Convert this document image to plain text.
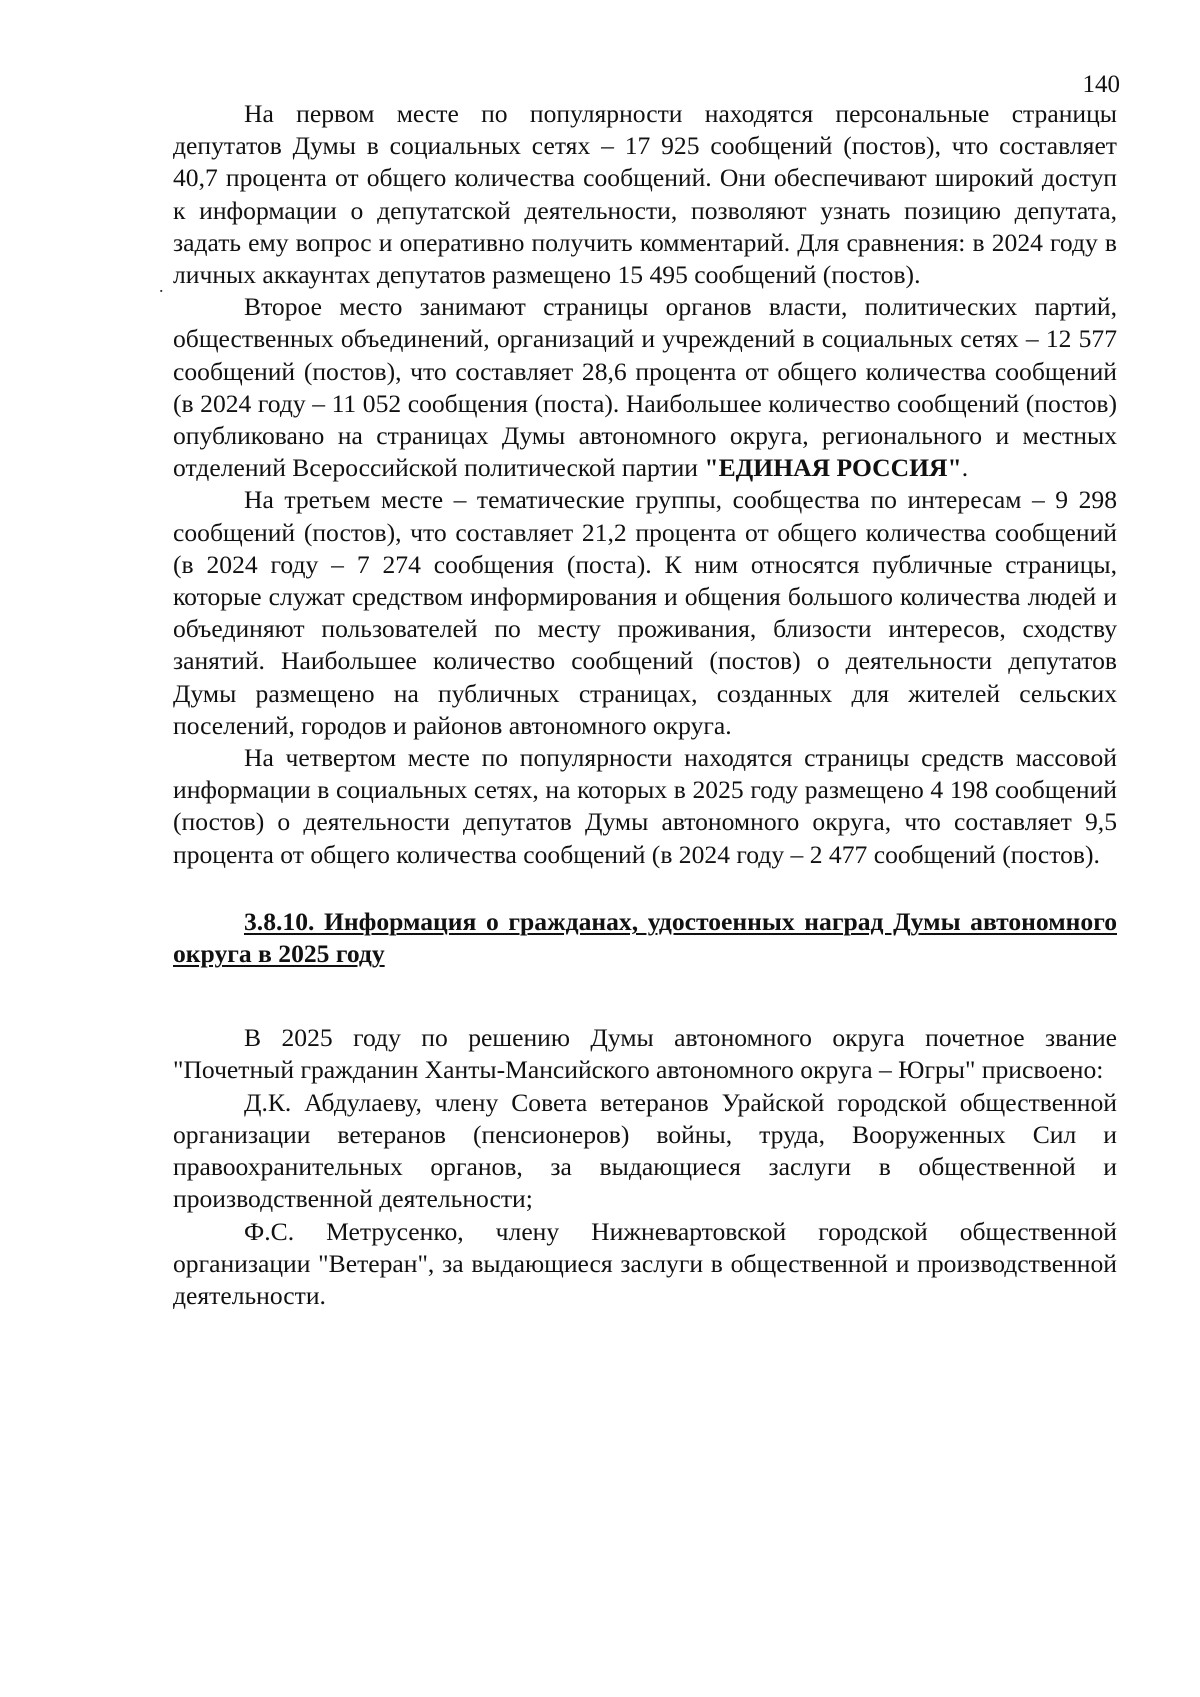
140
.

На первом месте по популярности находятся персональные страницы депутатов Думы в социальных сетях – 17 925 сообщений (постов), что составляет 40,7 процента от общего количества сообщений. Они обеспечивают широкий доступ к информации о депутатской деятельности, позволяют узнать позицию депутата, задать ему вопрос и оперативно получить комментарий. Для сравнения: в 2024 году в личных аккаунтах депутатов размещено 15 495 сообщений (постов).

Второе место занимают страницы органов власти, политических партий, общественных объединений, организаций и учреждений в социальных сетях – 12 577 сообщений (постов), что составляет 28,6 процента от общего количества сообщений (в 2024 году – 11 052 сообщения (поста). Наибольшее количество сообщений (постов) опубликовано на страницах Думы автономного округа, регионального и местных отделений Всероссийской политической партии "ЕДИНАЯ РОССИЯ".

На третьем месте – тематические группы, сообщества по интересам – 9 298 сообщений (постов), что составляет 21,2 процента от общего количества сообщений (в 2024 году – 7 274 сообщения (поста). К ним относятся публичные страницы, которые служат средством информирования и общения большого количества людей и объединяют пользователей по месту проживания, близости интересов, сходству занятий. Наибольшее количество сообщений (постов) о деятельности депутатов Думы размещено на публичных страницах, созданных для жителей сельских поселений, городов и районов автономного округа.

На четвертом месте по популярности находятся страницы средств массовой информации в социальных сетях, на которых в 2025 году размещено 4 198 сообщений (постов) о деятельности депутатов Думы автономного округа, что составляет 9,5 процента от общего количества сообщений (в 2024 году – 2 477 сообщений (постов).

3.8.10. Информация о гражданах, удостоенных наград Думы автономного округа в 2025 году

В 2025 году по решению Думы автономного округа почетное звание "Почетный гражданин Ханты-Мансийского автономного округа – Югры" присвоено:

Д.К. Абдулаеву, члену Совета ветеранов Урайской городской общественной организации ветеранов (пенсионеров) войны, труда, Вооруженных Сил и правоохранительных органов, за выдающиеся заслуги в общественной и производственной деятельности;

Ф.С. Метрусенко, члену Нижневартовской городской общественной организации "Ветеран", за выдающиеся заслуги в общественной и производственной деятельности.
